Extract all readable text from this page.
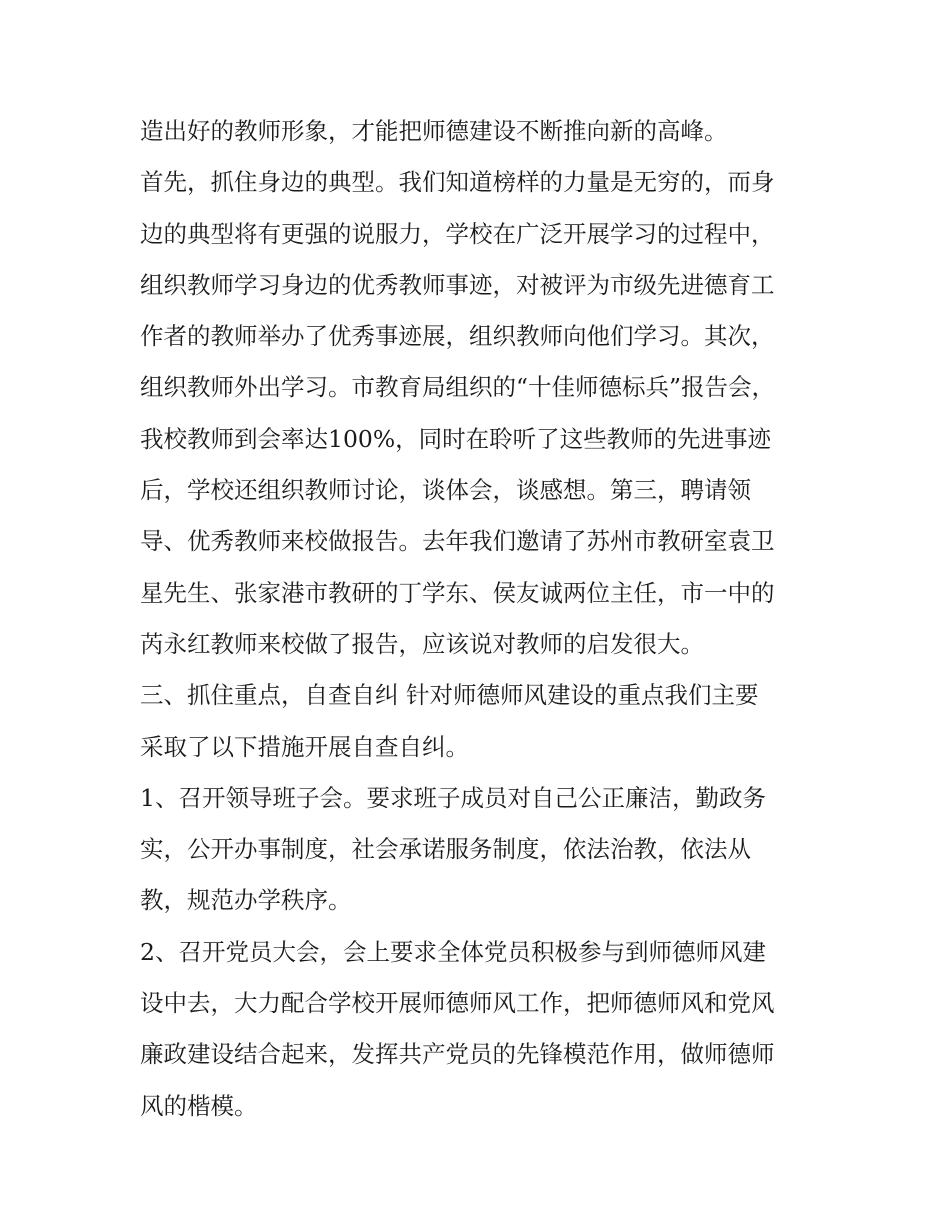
造出好的教师形象，才能把师德建设不断推向新的高峰。
首先，抓住身边的典型。我们知道榜样的力量是无穷的，而身
边的典型将有更强的说服力，学校在广泛开展学习的过程中，
组织教师学习身边的优秀教师事迹，对被评为市级先进德育工
作者的教师举办了优秀事迹展，组织教师向他们学习。其次，
组织教师外出学习。市教育局组织的“十佳师德标兵”报告会，
我校教师到会率达100%，同时在聆听了这些教师的先进事迹
后，学校还组织教师讨论，谈体会，谈感想。第三，聘请领
导、优秀教师来校做报告。去年我们邀请了苏州市教研室袁卫
星先生、张家港市教研的丁学东、侯友诚两位主任，市一中的
芮永红教师来校做了报告，应该说对教师的启发很大。
三、抓住重点，自查自纠 针对师德师风建设的重点我们主要
采取了以下措施开展自查自纠。
1、召开领导班子会。要求班子成员对自己公正廉洁，勤政务
实，公开办事制度，社会承诺服务制度，依法治教，依法从
教，规范办学秩序。
2、召开党员大会，会上要求全体党员积极参与到师德师风建
设中去，大力配合学校开展师德师风工作，把师德师风和党风
廉政建设结合起来，发挥共产党员的先锋模范作用，做师德师
风的楷模。
